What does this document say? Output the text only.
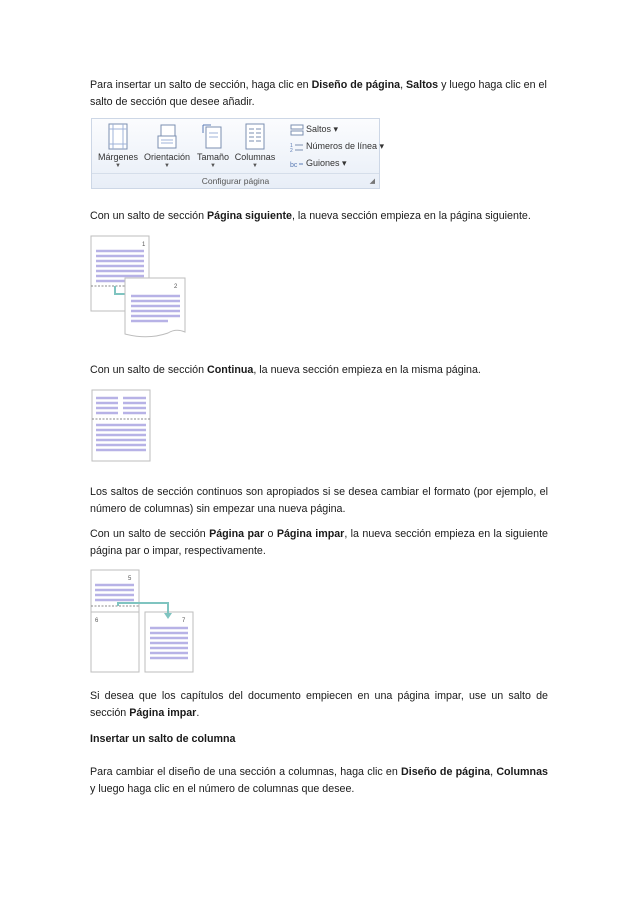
Para insertar un salto de sección, haga clic en Diseño de página, Saltos y luego haga clic en el salto de sección que desee añadir.

Márgenes
▼
Orientación
▼
Tamaño
▼
Columnas
▼
Saltos ▾
1
2 Números de línea ▾
bc Guiones ▾
Configurar página	◢

Con un salto de sección Página siguiente, la nueva sección empieza en la página siguiente.

1
2

Con un salto de sección Continua, la nueva sección empieza en la misma página.

Los saltos de sección continuos son apropiados si se desea cambiar el formato (por ejemplo, el número de columnas) sin empezar una nueva página.

Con un salto de sección Página par o Página impar, la nueva sección empieza en la siguiente página par o impar, respectivamente.

5
6	7

Si desea que los capítulos del documento empiecen en una página impar, use un salto de sección Página impar.

Insertar un salto de columna

Para cambiar el diseño de una sección a columnas, haga clic en Diseño de página, Columnas y luego haga clic en el número de columnas que desee.
